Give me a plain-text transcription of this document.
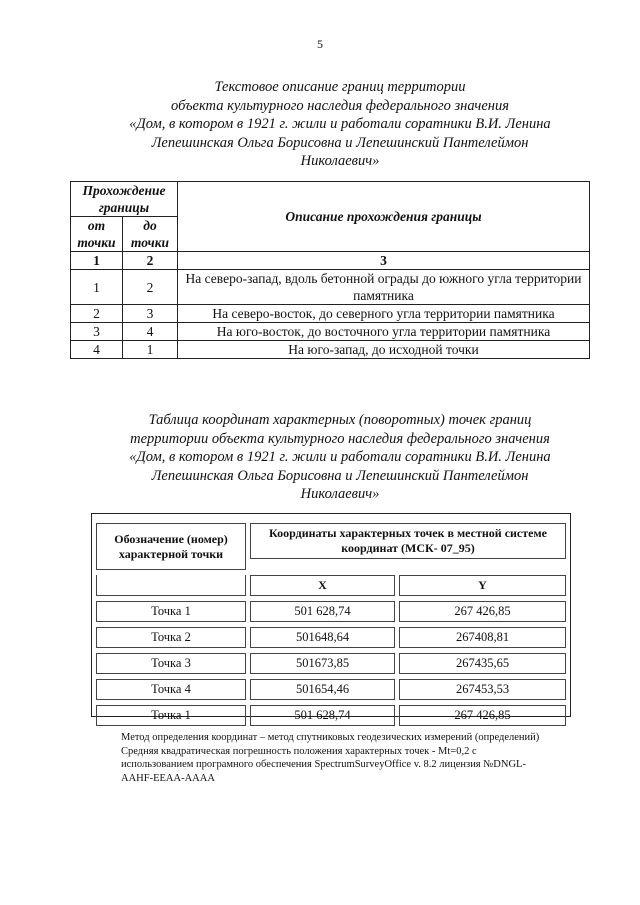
5
Текстовое описание границ территории
объекта культурного наследия федерального значения
«Дом, в котором в 1921 г. жили и работали соратники В.И. Ленина
Лепешинская Ольга Борисовна и Лепешинский Пантелеймон
Николаевич»
Прохождение границы		Описание прохождения границы
от точки	до точки	
1	2	3
1	2	На северо-запад, вдоль бетонной ограды до южного угла территории памятника
2	3	На северо-восток, до северного угла территории памятника
3	4	На юго-восток, до восточного угла территории памятника
4	1	На юго-запад, до исходной точки
Таблица координат характерных (поворотных) точек границ
территории объекта культурного наследия федерального значения
«Дом, в котором в 1921 г. жили и работали соратники В.И. Ленина
Лепешинская Ольга Борисовна и Лепешинский Пантелеймон
Николаевич»
Обозначение (номер) характерной точки		Координаты характерных точек в местной системе координат (МСК- 07_95)		
		X		Y
Точка 1		501 628,74		267 426,85
Точка 2		501648,64		267408,81
Точка 3		501673,85		267435,65
Точка 4		501654,46		267453,53
Точка 1		501 628,74		267 426,85
Метод определения координат – метод спутниковых геодезических измерений (определений)
Средняя квадратическая погрешность положения характерных точек - Mt=0,2 с
использованием програмного обеспечения SpectrumSurveyOffice v. 8.2 лицензия №DNGL-
AAHF-EEAA-AAAA
